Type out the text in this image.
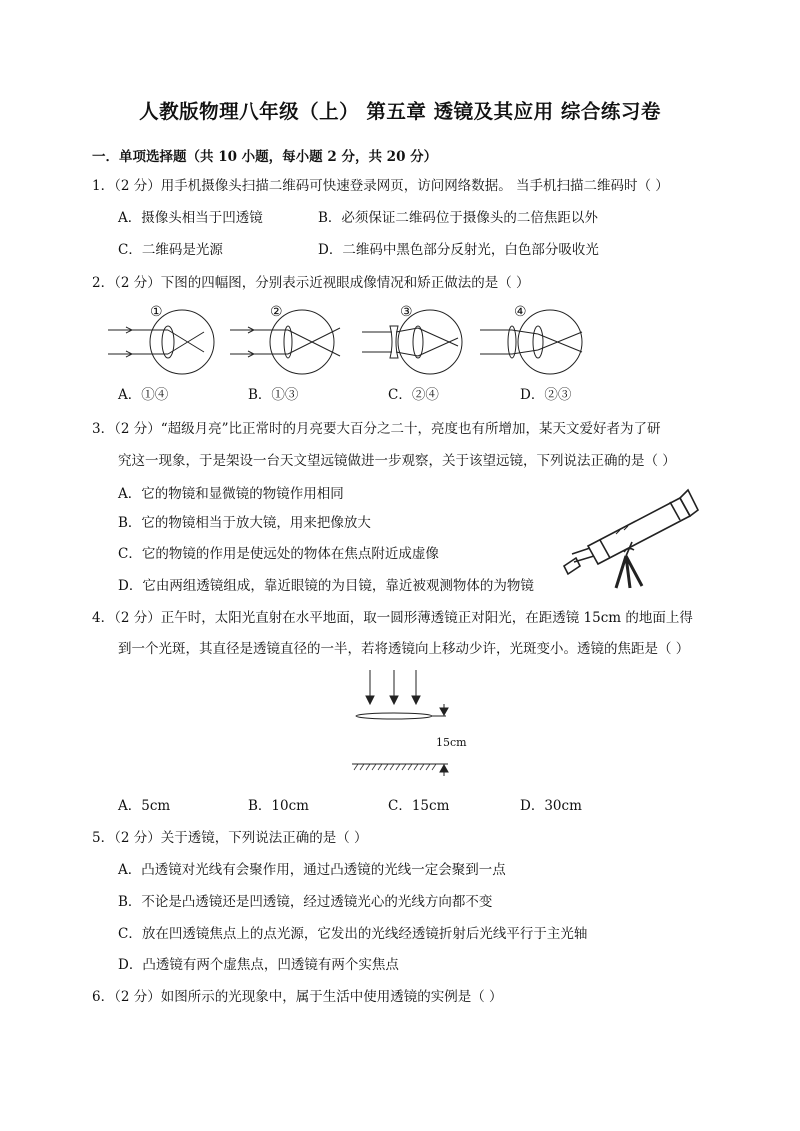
人教版物理八年级（上） 第五章 透镜及其应用 综合练习卷
一．单项选择题（共 10 小题，每小题 2 分，共 20 分）
1．（2 分）用手机摄像头扫描二维码可快速登录网页，访问网络数据。 当手机扫描二维码时（ ）
A．摄像头相当于凹透镜	B．必须保证二维码位于摄像头的二倍焦距以外
C．二维码是光源	D．二维码中黑色部分反射光，白色部分吸收光
2．（2 分）下图的四幅图，分别表示近视眼成像情况和矫正做法的是（ ）
①	②	③	④
A．①④	B．①③	C．②④	D．②③
3．（2 分）“超级月亮”比正常时的月亮要大百分之二十，亮度也有所增加，某天文爱好者为了研
究这一现象，于是架设一台天文望远镜做进一步观察，关于该望远镜，下列说法正确的是（ ）
A．它的物镜和显微镜的物镜作用相同
B．它的物镜相当于放大镜，用来把像放大
C．它的物镜的作用是使远处的物体在焦点附近成虚像
D．它由两组透镜组成，靠近眼镜的为目镜，靠近被观测物体的为物镜
4．（2 分）正午时，太阳光直射在水平地面，取一圆形薄透镜正对阳光，在距透镜 15cm 的地面上得
到一个光斑，其直径是透镜直径的一半，若将透镜向上移动少许，光斑变小。透镜的焦距是（ ）
15cm
A．5cm	B．10cm	C．15cm	D．30cm
5．（2 分）关于透镜，下列说法正确的是（ ）
A．凸透镜对光线有会聚作用，通过凸透镜的光线一定会聚到一点
B．不论是凸透镜还是凹透镜，经过透镜光心的光线方向都不变
C．放在凹透镜焦点上的点光源，它发出的光线经透镜折射后光线平行于主光轴
D．凸透镜有两个虚焦点，凹透镜有两个实焦点
6．（2 分）如图所示的光现象中，属于生活中使用透镜的实例是（ ）
